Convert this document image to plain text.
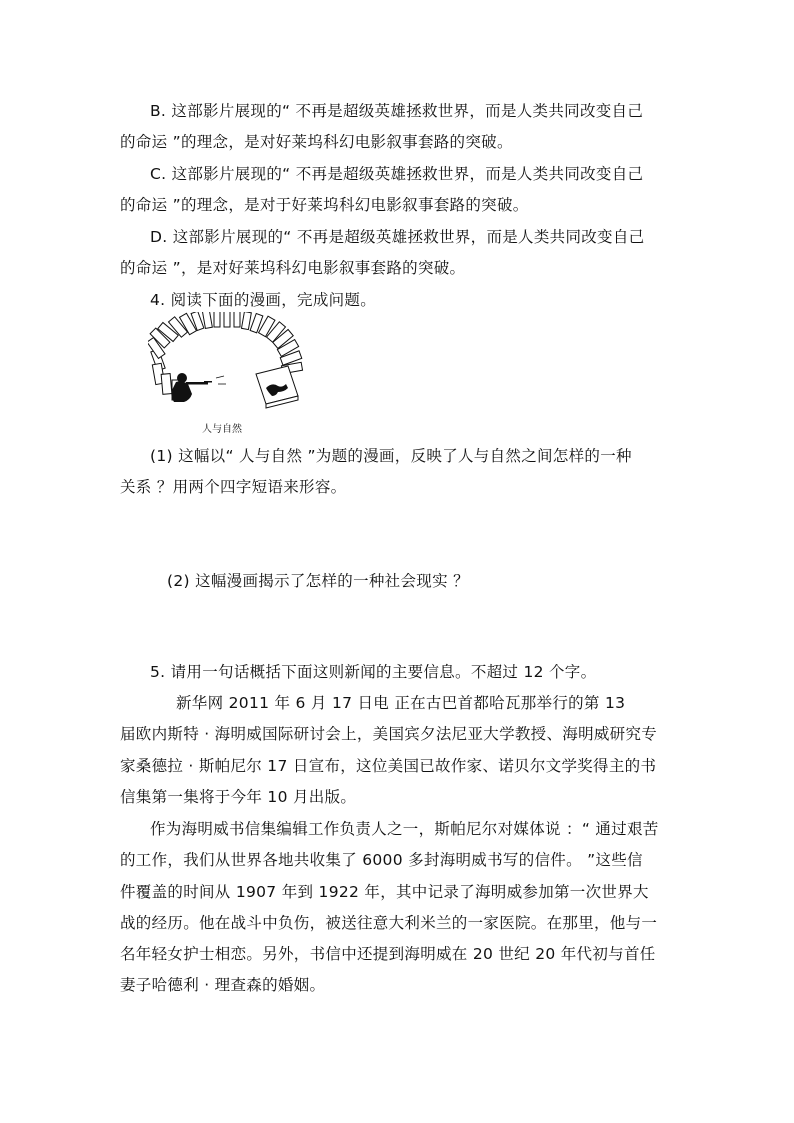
B. 这部影片展现的“ 不再是超级英雄拯救世界，而是人类共同改变自己
的命运 ”的理念，是对好莱坞科幻电影叙事套路的突破。
C. 这部影片展现的“ 不再是超级英雄拯救世界，而是人类共同改变自己
的命运 ”的理念，是对于好莱坞科幻电影叙事套路的突破。
D. 这部影片展现的“ 不再是超级英雄拯救世界，而是人类共同改变自己
的命运 ”，是对好莱坞科幻电影叙事套路的突破。
4. 阅读下面的漫画，完成问题。
人与自然
(1) 这幅以“ 人与自然 ”为题的漫画，反映了人与自然之间怎样的一种
关系 ？用两个四字短语来形容。
(2) 这幅漫画揭示了怎样的一种社会现实 ？
5. 请用一句话概括下面这则新闻的主要信息。不超过 12 个字。
新华网 2011 年 6 月 17 日电 正在古巴首都哈瓦那举行的第 13
届欧内斯特 · 海明威国际研讨会上，美国宾夕法尼亚大学教授、海明威研究专
家桑德拉 · 斯帕尼尔 17 日宣布，这位美国已故作家、诺贝尔文学奖得主的书
信集第一集将于今年 10 月出版。
作为海明威书信集编辑工作负责人之一，斯帕尼尔对媒体说 ：“ 通过艰苦
的工作，我们从世界各地共收集了 6000 多封海明威书写的信件。 ”这些信
件覆盖的时间从 1907 年到 1922 年，其中记录了海明威参加第一次世界大
战的经历。他在战斗中负伤，被送往意大利米兰的一家医院。在那里，他与一
名年轻女护士相恋。另外，书信中还提到海明威在 20 世纪 20 年代初与首任
妻子哈德利 · 理查森的婚姻。
